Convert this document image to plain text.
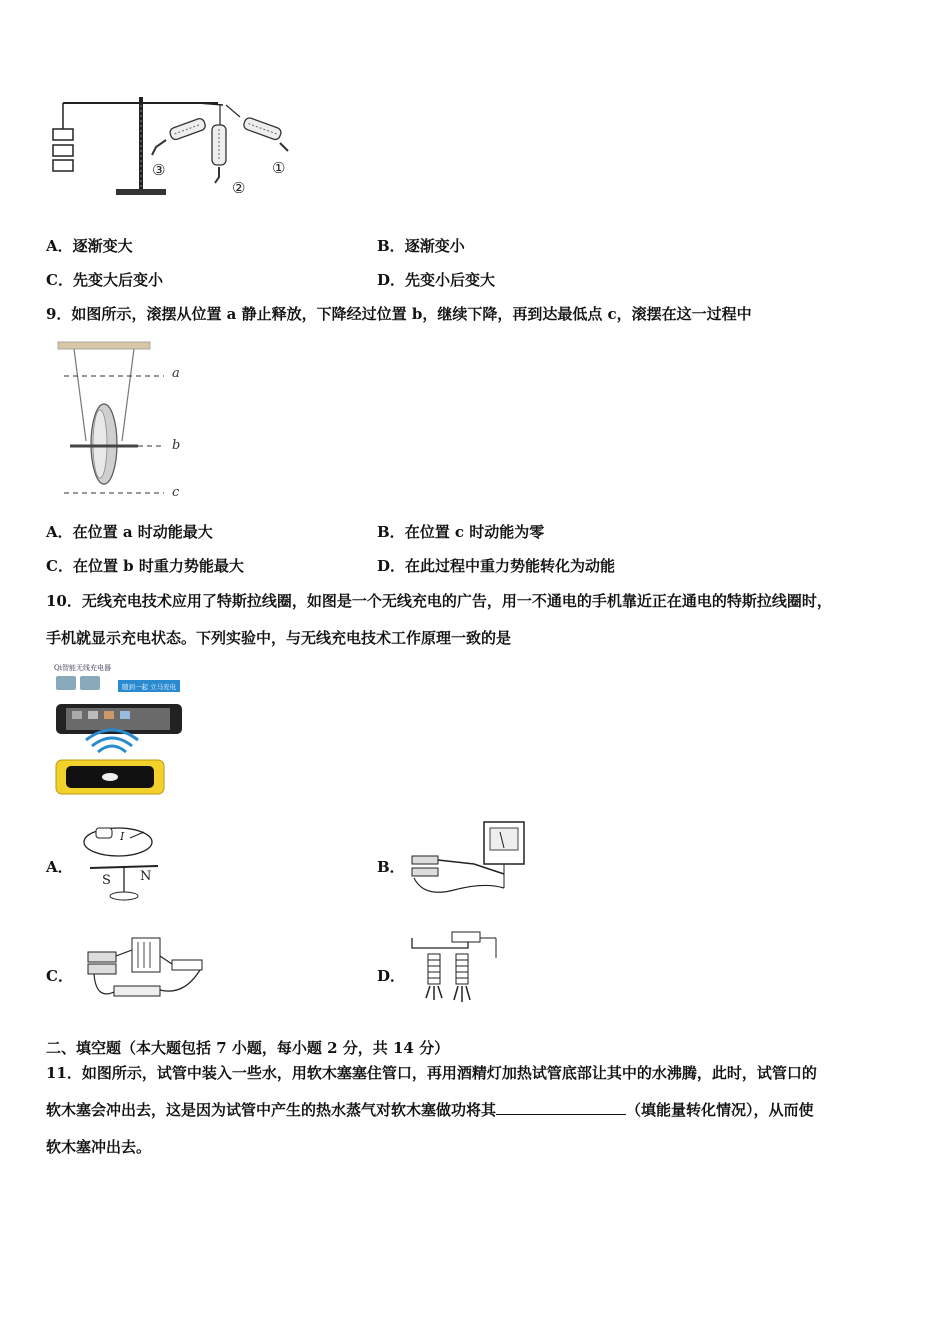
③
②
①
A．逐渐变大	B．逐渐变小
C．先变大后变小	D．先变小后变大
9．如图所示，滚摆从位置 a 静止释放，下降经过位置 b，继续下降，再到达最低点 c，滚摆在这一过程中
a
b
c
A．在位置 a 时动能最大	B．在位置 c 时动能为零
C．在位置 b 时重力势能最大	D．在此过程中重力势能转化为动能
10．无线充电技术应用了特斯拉线圈，如图是一个无线充电的广告，用一不通电的手机靠近正在通电的特斯拉线圈时，
手机就显示充电状态。下列实验中，与无线充电技术工作原理一致的是
Qi智能无线充电器
随到一起 立马充电
A．
I
S N
B．
C．	D．
二、填空题（本大题包括 7 小题，每小题 2 分，共 14 分）
11．如图所示，试管中装入一些水，用软木塞塞住管口，再用酒精灯加热试管底部让其中的水沸腾，此时，试管口的
软木塞会冲出去，这是因为试管中产生的热水蒸气对软木塞做功将其	（填能量转化情况），从而使
软木塞冲出去。
